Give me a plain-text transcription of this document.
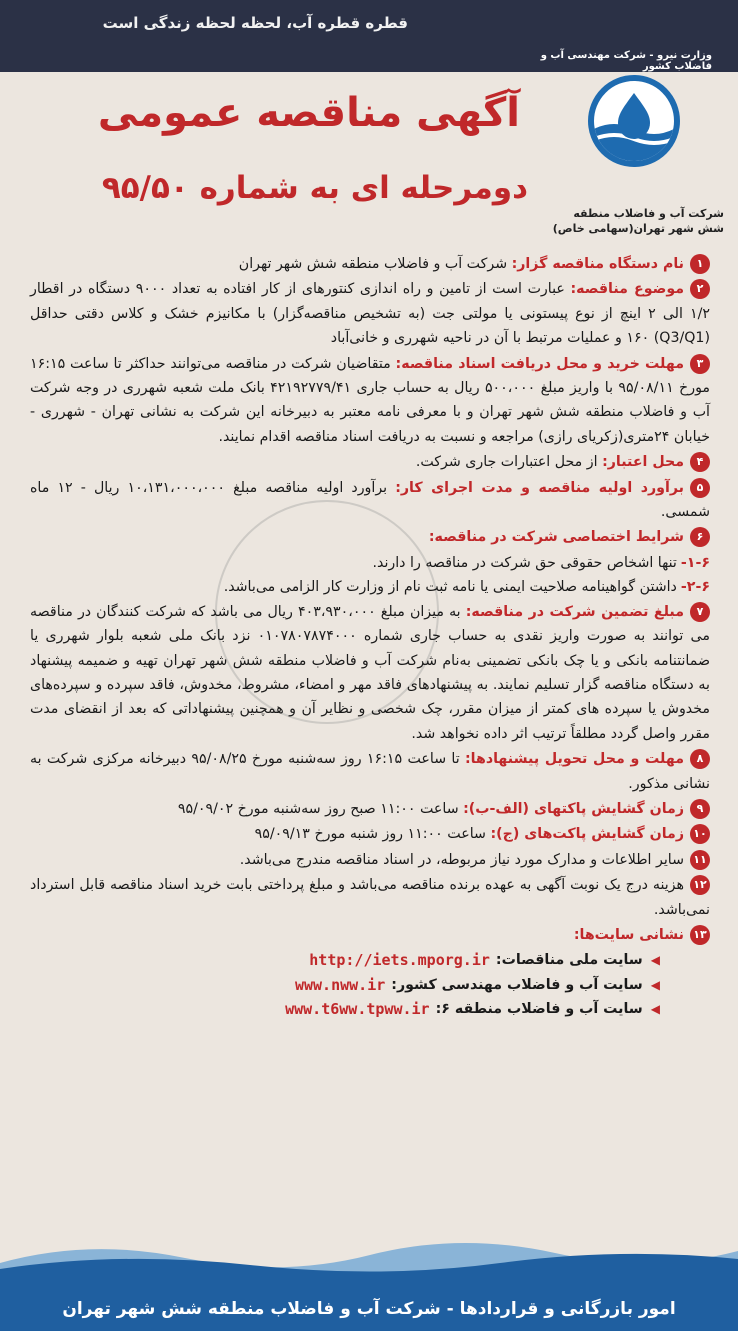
قطره قطره آب، لحظه لحظه زندگی است
وزارت نیرو - شرکت مهندسی آب و فاضلاب کشور
شرکت آب و فاضلاب منطقه
شش شهر تهران(سهامی خاص)
آگهی مناقصه عمومی
دومرحله ای به شماره ۹۵/۵۰
۱نام دستگاه مناقصه گزار: شرکت آب و فاضلاب منطقه شش شهر تهران
۲موضوع مناقصه: عبارت است از تامین و راه اندازی کنتورهای از کار افتاده به تعداد ۹۰۰۰ دستگاه در اقطار ۱/۲ الی ۲ اینچ از نوع پیستونی یا مولتی جت (به تشخیص مناقصه‌گزار) با مکانیزم خشک و کلاس دقتی حداقل (Q3/Q1) ۱۶۰ و عملیات مرتبط با آن در ناحیه شهرری و خانی‌آباد
۳مهلت خرید و محل دریافت اسناد مناقصه: متقاضیان شرکت در مناقصه می‌توانند حداکثر تا ساعت ۱۶:۱۵ مورخ ۹۵/۰۸/۱۱ با واریز مبلغ ۵۰۰،۰۰۰ ریال به حساب جاری ۴۲۱۹۲۷۷۹/۴۱ بانک ملت شعبه شهرری در وجه شرکت آب و فاضلاب منطقه شش شهر تهران و با معرفی نامه معتبر به دبیرخانه این شرکت به نشانی تهران - شهرری - خیابان ۲۴متری(زکریای رازی) مراجعه و نسبت به دریافت اسناد مناقصه اقدام نمایند.
۴محل اعتبار: از محل اعتبارات جاری شرکت.
۵برآورد اولیه مناقصه و مدت اجرای کار: برآورد اولیه مناقصه مبلغ ۱۰،۱۳۱،۰۰۰،۰۰۰ ریال - ۱۲ ماه شمسی.
۶شرایط اختصاصی شرکت در مناقصه:
۱-۶-تنها اشخاص حقوقی حق شرکت در مناقصه را دارند.
۲-۶-داشتن گواهینامه صلاحیت ایمنی یا نامه ثبت نام از وزارت کار الزامی می‌باشد.
۷مبلغ تضمین شرکت در مناقصه: به میزان مبلغ ۴۰۳،۹۳۰،۰۰۰ ریال می باشد که شرکت کنندگان در مناقصه می توانند به صورت واریز نقدی به حساب جاری شماره ۰۱۰۷۸۰۷۸۷۴۰۰۰ نزد بانک ملی شعبه بلوار شهرری یا ضمانتنامه بانکی و یا چک بانکی تضمینی به‌نام شرکت آب و فاضلاب منطقه شش شهر تهران تهیه و ضمیمه پیشنهاد به دستگاه مناقصه گزار تسلیم نمایند. به پیشنهادهای فاقد مهر و امضاء، مشروط، مخدوش، فاقد سپرده و سپرده‌های مخدوش یا سپرده های کمتر از میزان مقرر، چک شخصی و نظایر آن و همچنین پیشنهاداتی که بعد از انقضای مدت مقرر واصل گردد مطلقاً ترتیب اثر داده نخواهد شد.
۸مهلت و محل تحویل پیشنهادها: تا ساعت ۱۶:۱۵ روز سه‌شنبه مورخ ۹۵/۰۸/۲۵ دبیرخانه مرکزی شرکت به نشانی مذکور.
۹زمان گشایش پاکتهای (الف-ب): ساعت ۱۱:۰۰ صبح روز سه‌شنبه مورخ ۹۵/۰۹/۰۲
۱۰زمان گشایش پاکت‌های (ج): ساعت ۱۱:۰۰ روز شنبه مورخ ۹۵/۰۹/۱۳
۱۱سایر اطلاعات و مدارک مورد نیاز مربوطه، در اسناد مناقصه مندرج می‌باشد.
۱۲هزینه درج یک نوبت آگهی به عهده برنده مناقصه می‌باشد و مبلغ پرداختی بابت خرید اسناد مناقصه قابل استرداد نمی‌باشد.
۱۳نشانی سایت‌ها:
◀
سایت ملی مناقصات:
http://iets.mporg.ir
◀
سایت آب و فاضلاب مهندسی کشور:
www.nww.ir
◀
سایت آب و فاضلاب منطقه ۶:
www.t6ww.tpww.ir
امور بازرگانی و قراردادها - شرکت آب و فاضلاب منطقه شش شهر تهران
